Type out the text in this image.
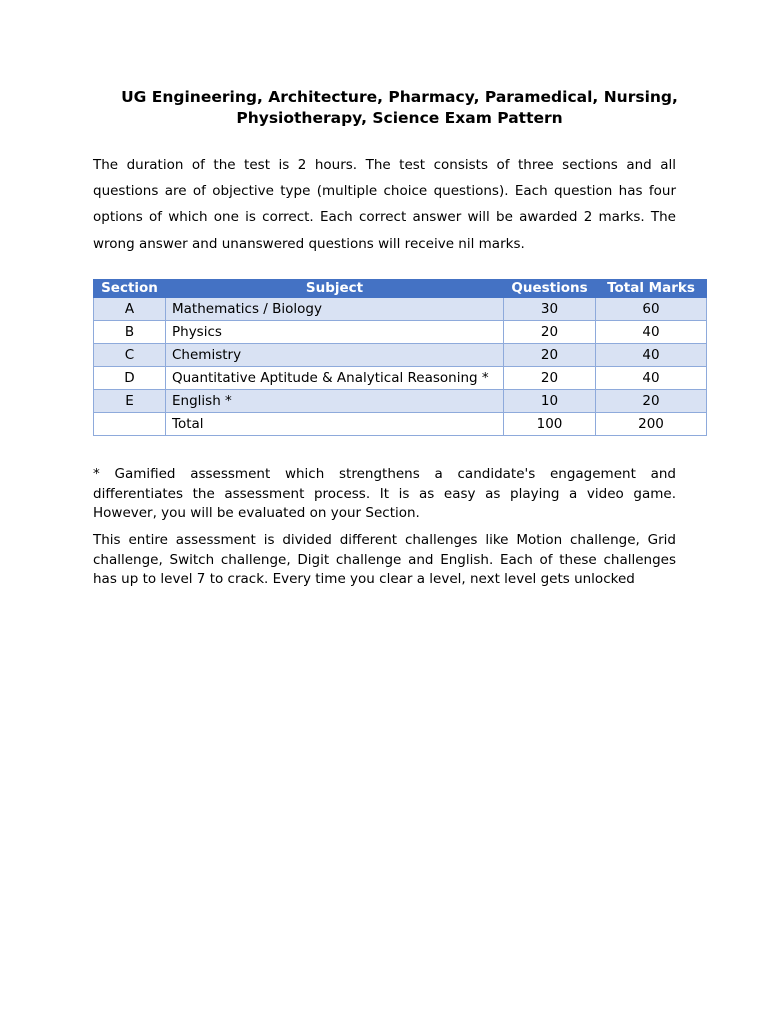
UG Engineering, Architecture, Pharmacy, Paramedical, Nursing,
Physiotherapy, Science Exam Pattern

The duration of the test is 2 hours. The test consists of three sections and all questions are of objective type (multiple choice questions). Each question has four options of which one is correct. Each correct answer will be awarded 2 marks. The wrong answer and unanswered questions will receive nil marks.

Section	Subject	Questions	Total Marks
A	Mathematics / Biology	30	60
B	Physics	20	40
C	Chemistry	20	40
D	Quantitative Aptitude & Analytical Reasoning *	20	40
E	English *	10	20
	Total	100	200

* Gamified assessment which strengthens a candidate's engagement and differentiates the assessment process. It is as easy as playing a video game. However, you will be evaluated on your Section.

This entire assessment is divided different challenges like Motion challenge, Grid challenge, Switch challenge, Digit challenge and English. Each of these challenges has up to level 7 to crack. Every time you clear a level, next level gets unlocked
